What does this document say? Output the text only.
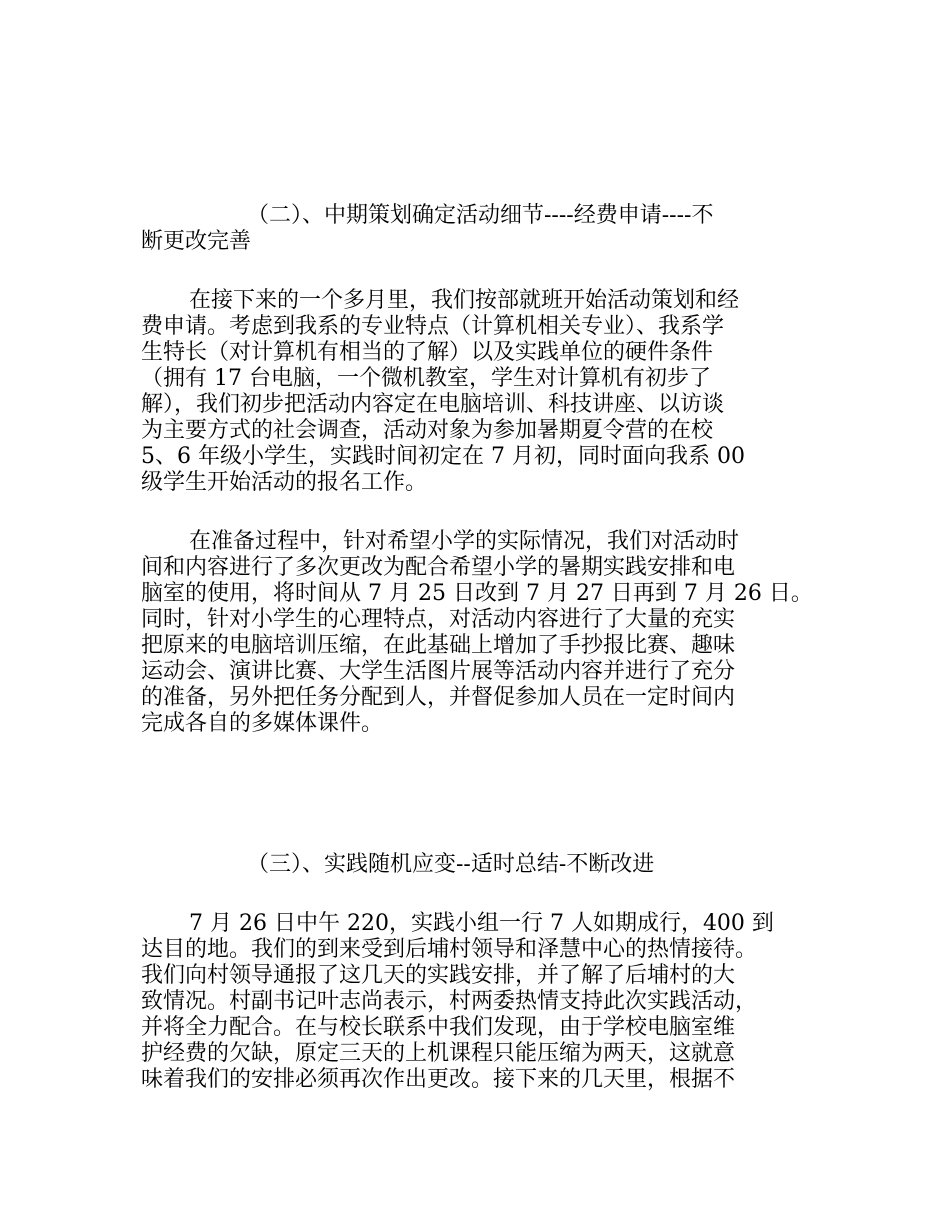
（二）、中期策划确定活动细节----经费申请----不
断更改完善
在接下来的一个多月里，我们按部就班开始活动策划和经
费申请。考虑到我系的专业特点（计算机相关专业）、我系学
生特长（对计算机有相当的了解）以及实践单位的硬件条件
（拥有 17 台电脑，一个微机教室，学生对计算机有初步了
解），我们初步把活动内容定在电脑培训、科技讲座、以访谈
为主要方式的社会调查，活动对象为参加暑期夏令营的在校
5、6 年级小学生，实践时间初定在 7 月初，同时面向我系 00
级学生开始活动的报名工作。
在准备过程中，针对希望小学的实际情况，我们对活动时
间和内容进行了多次更改为配合希望小学的暑期实践安排和电
脑室的使用，将时间从 7 月 25 日改到 7 月 27 日再到 7 月 26 日。
同时，针对小学生的心理特点，对活动内容进行了大量的充实
把原来的电脑培训压缩，在此基础上增加了手抄报比赛、趣味
运动会、演讲比赛、大学生活图片展等活动内容并进行了充分
的准备，另外把任务分配到人，并督促参加人员在一定时间内
完成各自的多媒体课件。
（三）、实践随机应变--适时总结-不断改进
7 月 26 日中午 220，实践小组一行 7 人如期成行，400 到
达目的地。我们的到来受到后埔村领导和泽慧中心的热情接待。
我们向村领导通报了这几天的实践安排，并了解了后埔村的大
致情况。村副书记叶志尚表示，村两委热情支持此次实践活动，
并将全力配合。在与校长联系中我们发现，由于学校电脑室维
护经费的欠缺，原定三天的上机课程只能压缩为两天，这就意
味着我们的安排必须再次作出更改。接下来的几天里，根据不
